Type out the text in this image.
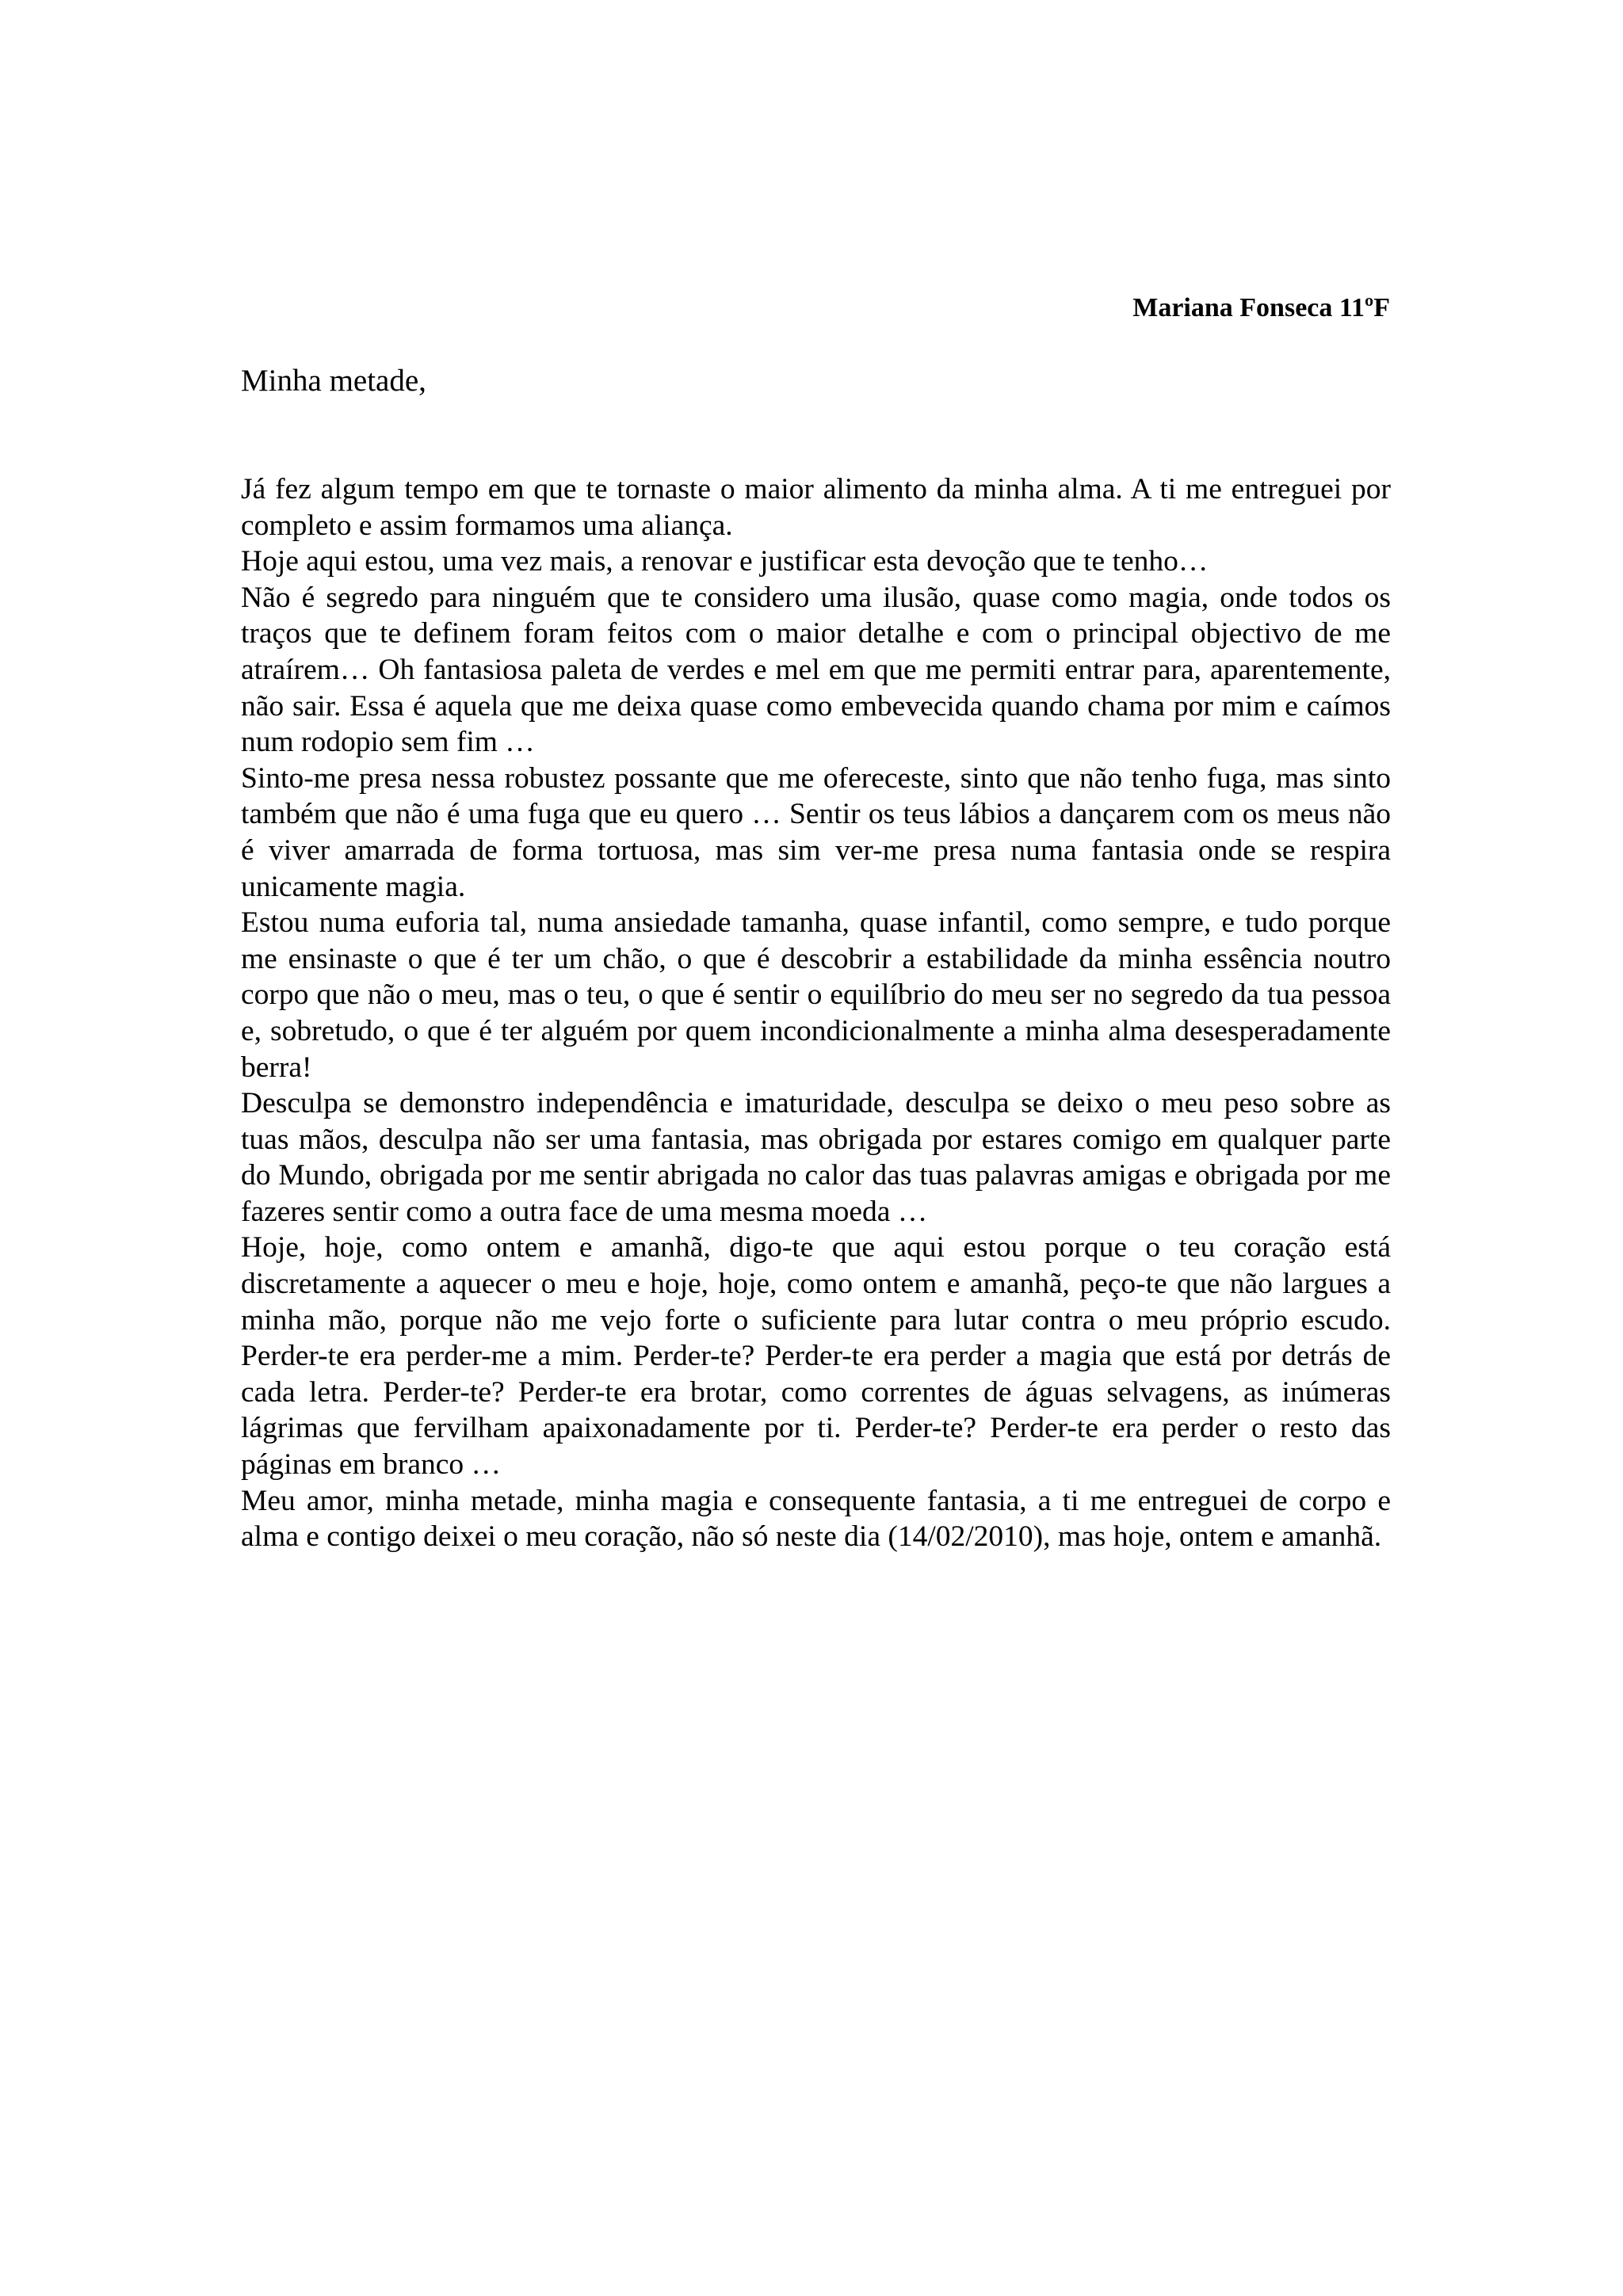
Mariana Fonseca 11ºF
Minha metade,

Já fez algum tempo em que te tornaste o maior alimento da minha alma. A ti me entreguei por completo e assim formamos uma aliança.

Hoje aqui estou, uma vez mais, a renovar e justificar esta devoção que te tenho…

Não é segredo para ninguém que te considero uma ilusão, quase como magia, onde todos os traços que te definem foram feitos com o maior detalhe e com o principal objectivo de me atraírem… Oh fantasiosa paleta de verdes e mel em que me permiti entrar para, aparentemente, não sair. Essa é aquela que me deixa quase como embevecida quando chama por mim e caímos num rodopio sem fim …

Sinto-me presa nessa robustez possante que me ofereceste, sinto que não tenho fuga, mas sinto também que não é uma fuga que eu quero … Sentir os teus lábios a dançarem com os meus não é viver amarrada de forma tortuosa, mas sim ver-me presa numa fantasia onde se respira unicamente magia.

Estou numa euforia tal, numa ansiedade tamanha, quase infantil, como sempre, e tudo porque me ensinaste o que é ter um chão, o que é descobrir a estabilidade da minha essência noutro corpo que não o meu, mas o teu, o que é sentir o equilíbrio do meu ser no segredo da tua pessoa e, sobretudo, o que é ter alguém por quem incondicionalmente a minha alma desesperadamente berra!

Desculpa se demonstro independência e imaturidade, desculpa se deixo o meu peso sobre as tuas mãos, desculpa não ser uma fantasia, mas obrigada por estares comigo em qualquer parte do Mundo, obrigada por me sentir abrigada no calor das tuas palavras amigas e obrigada por me fazeres sentir como a outra face de uma mesma moeda …

Hoje, hoje, como ontem e amanhã, digo-te que aqui estou porque o teu coração está discretamente a aquecer o meu e hoje, hoje, como ontem e amanhã, peço-te que não largues a minha mão, porque não me vejo forte o suficiente para lutar contra o meu próprio escudo. Perder-te era perder-me a mim. Perder-te? Perder-te era perder a magia que está por detrás de cada letra. Perder-te? Perder-te era brotar, como correntes de águas selvagens, as inúmeras lágrimas que fervilham apaixonadamente por ti. Perder-te? Perder-te era perder o resto das páginas em branco …

Meu amor, minha metade, minha magia e consequente fantasia, a ti me entreguei de corpo e alma e contigo deixei o meu coração, não só neste dia (14/02/2010), mas hoje, ontem e amanhã.
